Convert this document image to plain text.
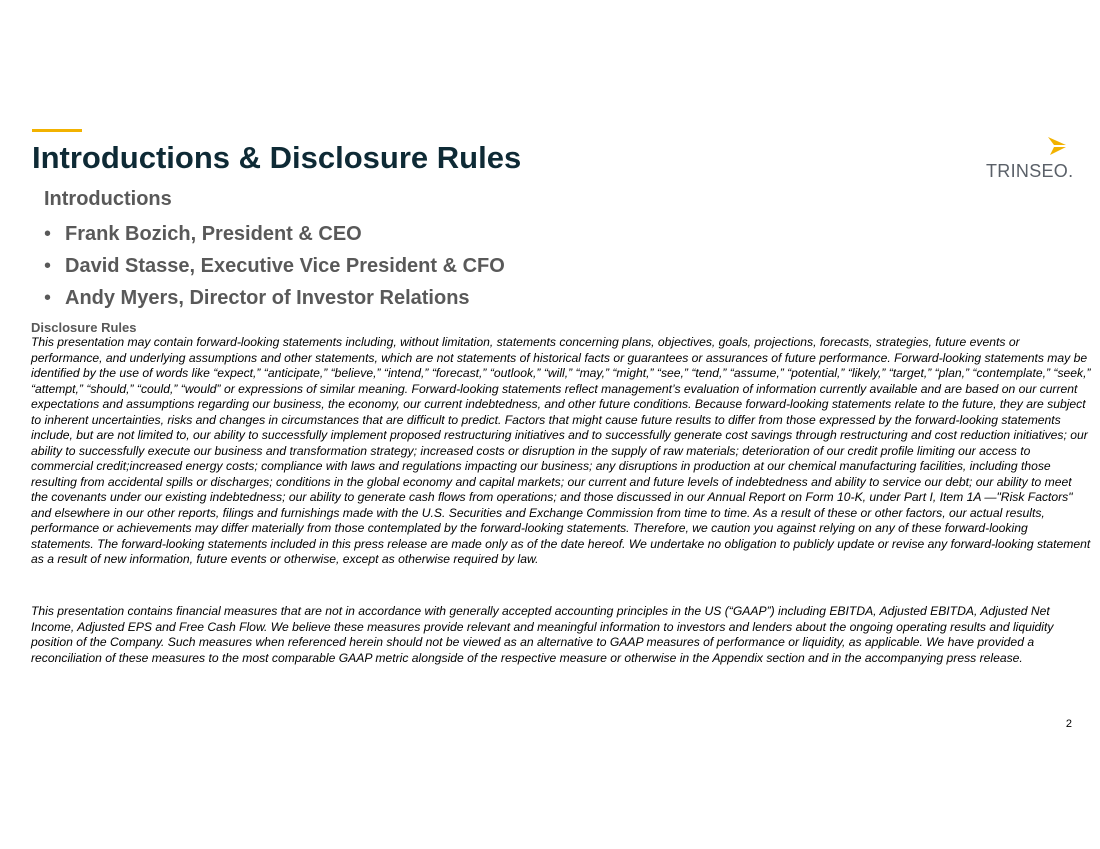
Introductions & Disclosure Rules	TRINSEO.
Introductions
• Frank Bozich, President & CEO
• David Stasse, Executive Vice President & CFO
• Andy Myers, Director of Investor Relations
Disclosure Rules

This presentation may contain forward-looking statements including, without limitation, statements concerning plans, objectives, goals, projections, forecasts, strategies, future events or performance, and underlying assumptions and other statements, which are not statements of historical facts or guarantees or assurances of future performance. Forward-looking statements may be identified by the use of words like “expect,” “anticipate,” “believe,” “intend,” “forecast,” “outlook,” “will,” “may,” “might,” “see,” “tend,” “assume,” “potential,” “likely,” “target,” “plan,” “contemplate,” “seek,” “attempt,” “should,” “could,” “would” or expressions of similar meaning. Forward-looking statements reflect management’s evaluation of information currently available and are based on our current expectations and assumptions regarding our business, the economy, our current indebtedness, and other future conditions. Because forward-looking statements relate to the future, they are subject to inherent uncertainties, risks and changes in circumstances that are difficult to predict. Factors that might cause future results to differ from those expressed by the forward-looking statements include, but are not limited to, our ability to successfully implement proposed restructuring initiatives and to successfully generate cost savings through restructuring and cost reduction initiatives; our ability to successfully execute our business and transformation strategy; increased costs or disruption in the supply of raw materials; deterioration of our credit profile limiting our access to commercial credit;increased energy costs; compliance with laws and regulations impacting our business; any disruptions in production at our chemical manufacturing facilities, including those resulting from accidental spills or discharges; conditions in the global economy and capital markets; our current and future levels of indebtedness and ability to service our debt; our ability to meet the covenants under our existing indebtedness; our ability to generate cash flows from operations; and those discussed in our Annual Report on Form 10-K, under Part I, Item 1A —"Risk Factors" and elsewhere in our other reports, filings and furnishings made with the U.S. Securities and Exchange Commission from time to time. As a result of these or other factors, our actual results, performance or achievements may differ materially from those contemplated by the forward-looking statements. Therefore, we caution you against relying on any of these forward-looking statements. The forward-looking statements included in this press release are made only as of the date hereof. We undertake no obligation to publicly update or revise any forward-looking statement as a result of new information, future events or otherwise, except as otherwise required by law.

This presentation contains financial measures that are not in accordance with generally accepted accounting principles in the US (“GAAP”) including EBITDA, Adjusted EBITDA, Adjusted Net Income, Adjusted EPS and Free Cash Flow. We believe these measures provide relevant and meaningful information to investors and lenders about the ongoing operating results and liquidity position of the Company. Such measures when referenced herein should not be viewed as an alternative to GAAP measures of performance or liquidity, as applicable. We have provided a reconciliation of these measures to the most comparable GAAP metric alongside of the respective measure or otherwise in the Appendix section and in the accompanying press release.

2
